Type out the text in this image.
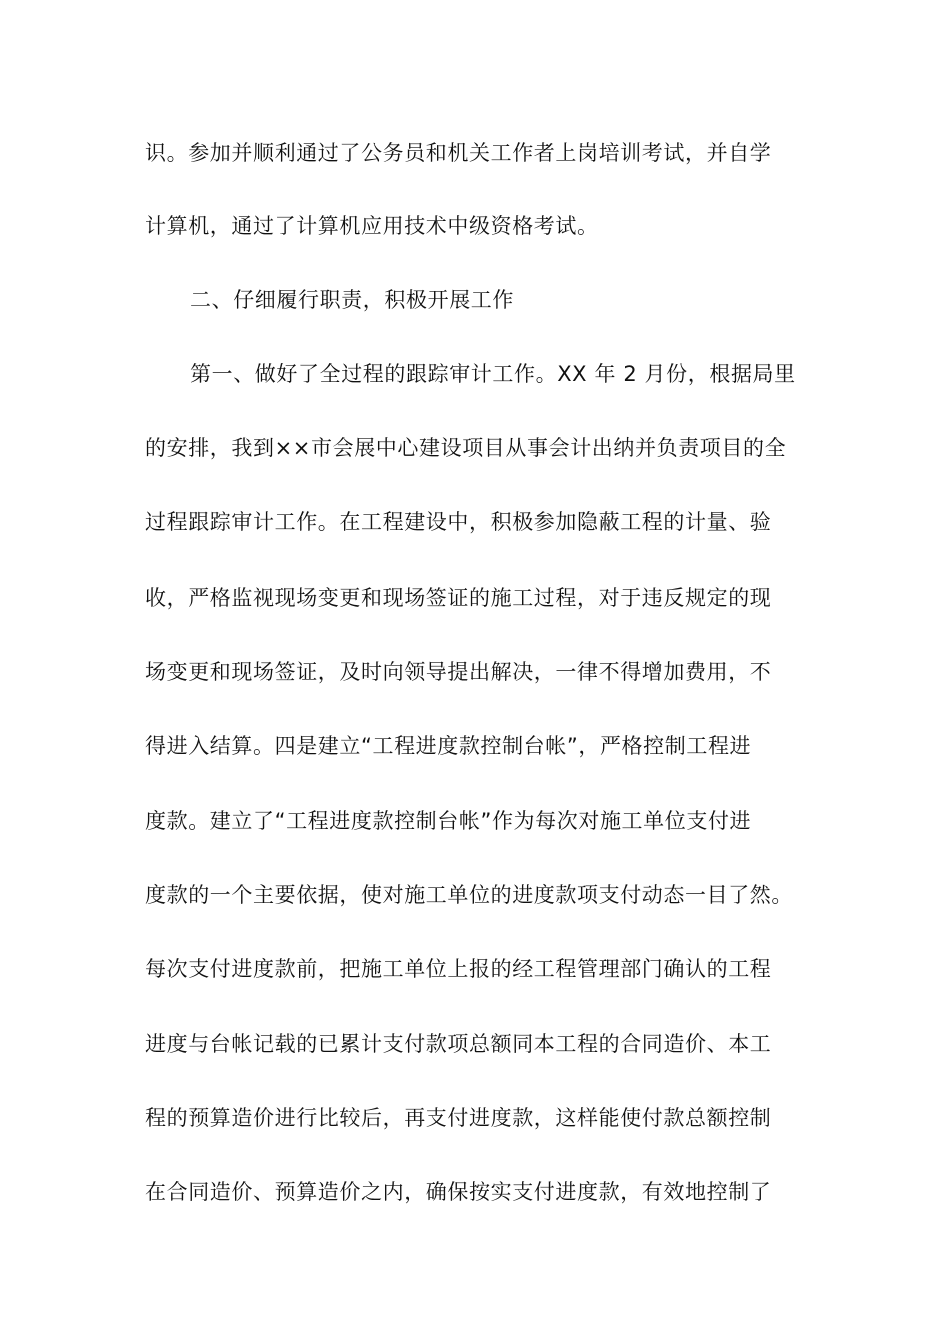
识。参加并顺利通过了公务员和机关工作者上岗培训考试，并自学
计算机，通过了计算机应用技术中级资格考试。
二、仔细履行职责，积极开展工作
第一、做好了全过程的跟踪审计工作。XX 年 2 月份，根据局里
的安排，我到××市会展中心建设项目从事会计出纳并负责项目的全
过程跟踪审计工作。在工程建设中，积极参加隐蔽工程的计量、验
收，严格监视现场变更和现场签证的施工过程，对于违反规定的现
场变更和现场签证，及时向领导提出解决，一律不得增加费用，不
得进入结算。四是建立“工程进度款控制台帐”，严格控制工程进
度款。建立了“工程进度款控制台帐”作为每次对施工单位支付进
度款的一个主要依据，使对施工单位的进度款项支付动态一目了然。
每次支付进度款前，把施工单位上报的经工程管理部门确认的工程
进度与台帐记载的已累计支付款项总额同本工程的合同造价、本工
程的预算造价进行比较后，再支付进度款，这样能使付款总额控制
在合同造价、预算造价之内，确保按实支付进度款，有效地控制了
